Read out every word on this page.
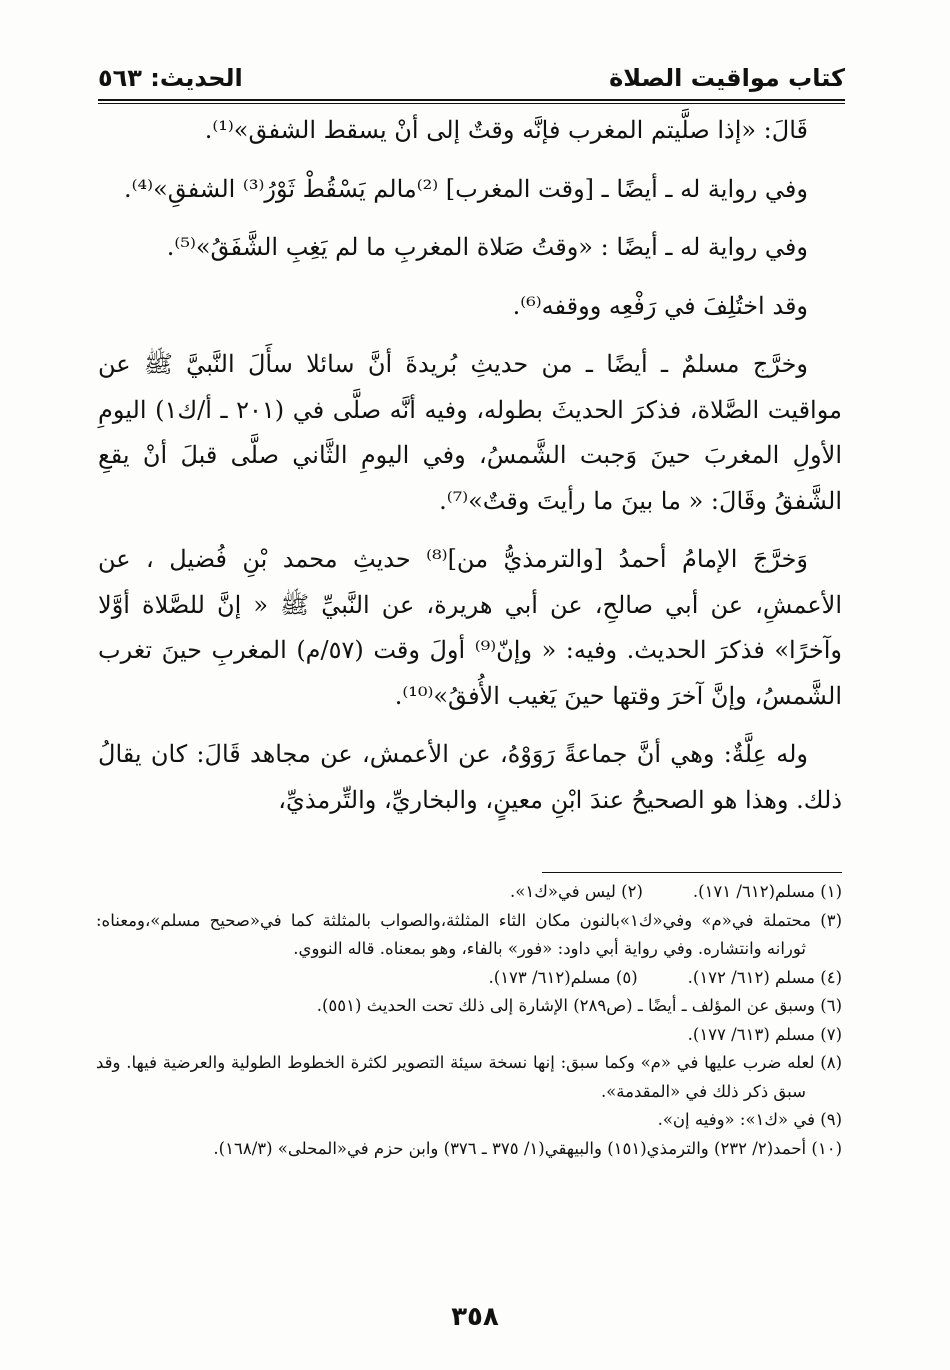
الحديث: ٥٦٣	كتاب مواقيت الصلاة

قَالَ: «إذا صلَّيتم المغرب فإنَّه وقتٌ إلى أنْ يسقط الشفق»⁽¹⁾.

وفي رواية له ـ أيضًا ـ [وقت المغرب] ⁽²⁾مالم يَسْقُطْ ثَوْرُ⁽³⁾ الشفقِ»⁽⁴⁾.

وفي رواية له ـ أيضًا : «وقتُ صَلاة المغربِ ما لم يَغِبِ الشَّفَقُ»⁽⁵⁾.

وقد اختُلِفَ في رَفْعِه ووقفه⁽⁶⁾.

وخرَّج مسلمٌ ـ أيضًا ـ من حديثِ بُريدةَ أنَّ سائلا سأَلَ النَّبيَّ ﷺ عن مواقيت الصَّلاة، فذكرَ الحديثَ بطوله، وفيه أنَّه صلَّى في (٢٠١ ـ أ/ك١) اليومِ الأولِ المغربَ حينَ وَجبت الشَّمسُ، وفي اليومِ الثَّاني صلَّى قبلَ أنْ يقعِ الشَّفقُ وقَالَ: « ما بينَ ما رأيتَ وقتٌ»⁽⁷⁾.

وَخرَّجَ الإمامُ أحمدُ [والترمذيُّ من]⁽⁸⁾ حديثِ محمد بْنِ فُضيل ، عن الأعمشِ، عن أبي صالحِ، عن أبي هريرة، عن النَّبيِّ ﷺ « إنَّ للصَّلاة أوَّلا وآخرًا» فذكرَ الحديث. وفيه: « وإنّ⁽⁹⁾ أولَ وقت (٥٧/م) المغربِ حينَ تغرب الشَّمسُ، وإنَّ آخرَ وقتها حينَ يَغيب الأُفقُ»⁽¹⁰⁾.

وله عِلَّةٌ: وهي أنَّ جماعةً رَوَوْهُ، عن الأعمش، عن مجاهد قَالَ: كان يقالُ ذلك. وهذا هو الصحيحُ عندَ ابْنِ معينٍ، والبخاريِّ، والتِّرمذيِّ،

(١) مسلم(٦١٢/ ١٧١).
(٢) ليس في«ك١».
(٣) محتملة في«م» وفي«ك١»بالنون مكان الثاء المثلثة،والصواب بالمثلثة كما في«صحيح مسلم»،ومعناه: ثورانه وانتشاره. وفي رواية أبي داود: «فور» بالفاء، وهو بمعناه. قاله النووي.
(٤) مسلم (٦١٢/ ١٧٢).
(٥) مسلم(٦١٢/ ١٧٣).
(٦) وسبق عن المؤلف ـ أيضًا ـ (ص٢٨٩) الإشارة إلى ذلك تحت الحديث (٥٥١).
(٧) مسلم (٦١٣/ ١٧٧).
(٨) لعله ضرب عليها في «م» وكما سبق: إنها نسخة سيئة التصوير لكثرة الخطوط الطولية والعرضية فيها. وقد سبق ذكر ذلك في «المقدمة».
(٩) في «ك١»: «وفيه إن».
(١٠) أحمد(٢/ ٢٣٢) والترمذي(١٥١) والبيهقي(١/ ٣٧٥ ـ ٣٧٦) وابن حزم في«المحلى» (١٦٨/٣).
٣٥٨
